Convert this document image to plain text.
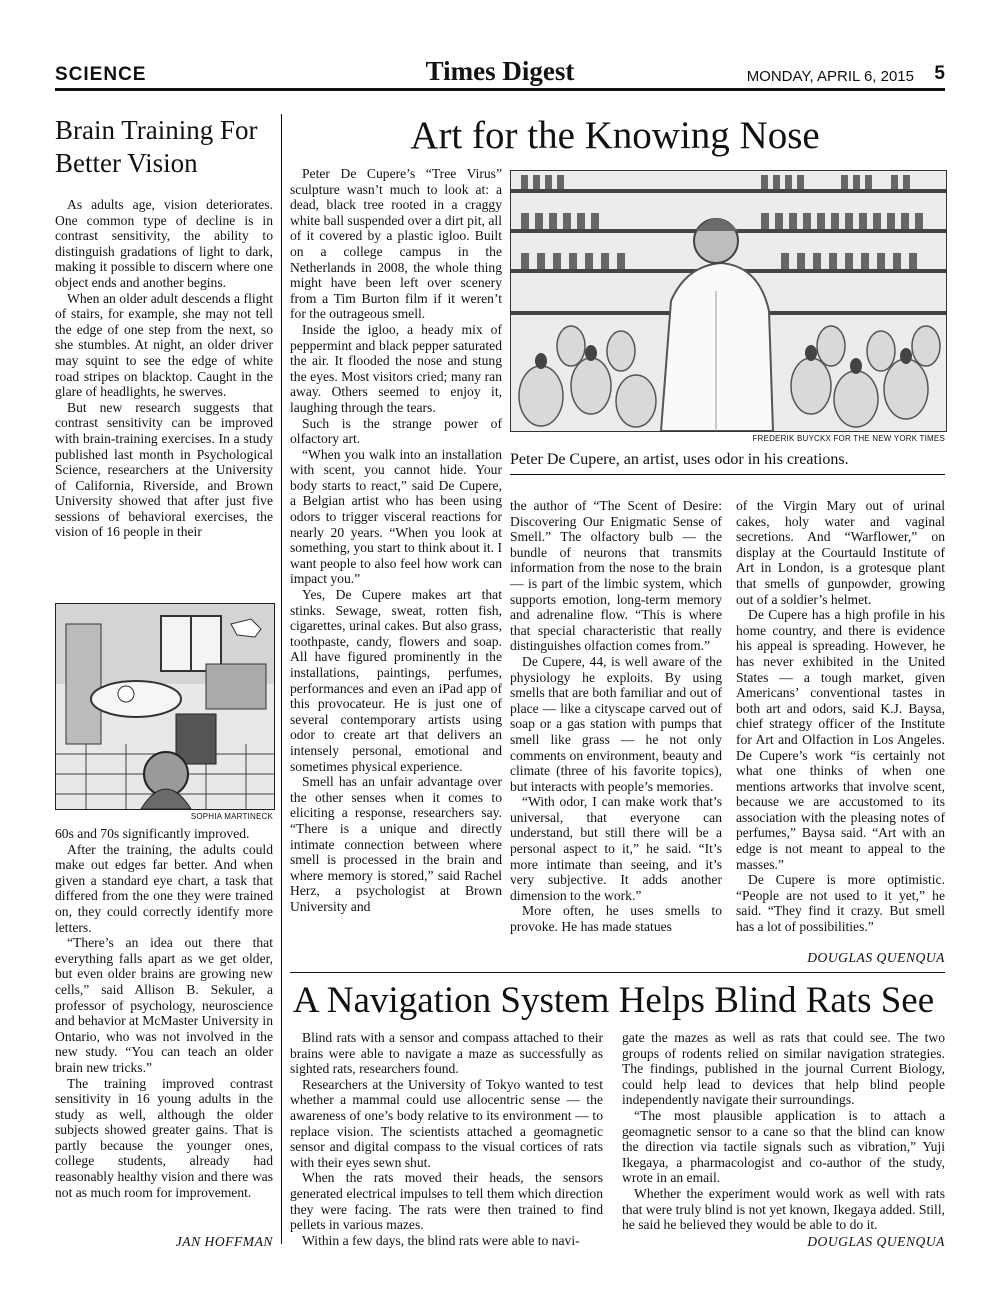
SCIENCE	Times Digest	MONDAY, APRIL 6, 2015 5
Brain Training For Better Vision

As adults age, vision deteriorates. One common type of decline is in contrast sensitivity, the ability to distinguish gradations of light to dark, making it possible to discern where one object ends and another begins.

When an older adult descends a flight of stairs, for example, she may not tell the edge of one step from the next, so she stumbles. At night, an older driver may squint to see the edge of white road stripes on blacktop. Caught in the glare of headlights, he swerves.

But new research suggests that contrast sensitivity can be improved with brain-training exercises. In a study published last month in Psychological Science, researchers at the University of California, Riverside, and Brown University showed that after just five sessions of behavioral exercises, the vision of 16 people in their

SOPHIA MARTINECK

60s and 70s significantly improved.

After the training, the adults could make out edges far better. And when given a standard eye chart, a task that differed from the one they were trained on, they could correctly identify more letters.

“There’s an idea out there that everything falls apart as we get older, but even older brains are growing new cells,” said Allison B. Sekuler, a professor of psychology, neuroscience and behavior at McMaster University in Ontario, who was not involved in the new study. “You can teach an older brain new tricks.”

The training improved contrast sensitivity in 16 young adults in the study as well, although the older subjects showed greater gains. That is partly because the younger ones, college students, already had reasonably healthy vision and there was not as much room for improvement.

JAN HOFFMAN
Art for the Knowing Nose

Peter De Cupere’s “Tree Virus” sculpture wasn’t much to look at: a dead, black tree rooted in a craggy white ball suspended over a dirt pit, all of it covered by a plastic igloo. Built on a college campus in the Netherlands in 2008, the whole thing might have been left over scenery from a Tim Burton film if it weren’t for the outrageous smell.

Inside the igloo, a heady mix of peppermint and black pepper saturated the air. It flooded the nose and stung the eyes. Most visitors cried; many ran away. Others seemed to enjoy it, laughing through the tears.

Such is the strange power of olfactory art.

“When you walk into an installation with scent, you cannot hide. Your body starts to react,” said De Cupere, a Belgian artist who has been using odors to trigger visceral reactions for nearly 20 years. “When you look at something, you start to think about it. I want people to also feel how work can impact you.”

Yes, De Cupere makes art that stinks. Sewage, sweat, rotten fish, cigarettes, urinal cakes. But also grass, toothpaste, candy, flowers and soap. All have figured prominently in the installations, paintings, perfumes, performances and even an iPad app of this provocateur. He is just one of several contemporary artists using odor to create art that delivers an intensely personal, emotional and sometimes physical experience.

Smell has an unfair advantage over the other senses when it comes to eliciting a response, researchers say. “There is a unique and directly intimate connection between where smell is processed in the brain and where memory is stored,” said Rachel Herz, a psychologist at Brown University and

FREDERIK BUYCKX FOR THE NEW YORK TIMES
Peter De Cupere, an artist, uses odor in his creations.

the author of “The Scent of Desire: Discovering Our Enigmatic Sense of Smell.” The olfactory bulb — the bundle of neurons that transmits information from the nose to the brain — is part of the limbic system, which supports emotion, long-term memory and adrenaline flow. “This is where that special characteristic that really distinguishes olfaction comes from.”

De Cupere, 44, is well aware of the physiology he exploits. By using smells that are both familiar and out of place — like a cityscape carved out of soap or a gas station with pumps that smell like grass — he not only comments on environment, beauty and climate (three of his favorite topics), but interacts with people’s memories.

“With odor, I can make work that’s universal, that everyone can understand, but still there will be a personal aspect to it,” he said. “It’s more intimate than seeing, and it’s very subjective. It adds another dimension to the work.”

More often, he uses smells to provoke. He has made statues

of the Virgin Mary out of urinal cakes, holy water and vaginal secretions. And “Warflower,” on display at the Courtauld Institute of Art in London, is a grotesque plant that smells of gunpowder, growing out of a soldier’s helmet.

De Cupere has a high profile in his home country, and there is evidence his appeal is spreading. However, he has never exhibited in the United States — a tough market, given Americans’ conventional tastes in both art and odors, said K.J. Baysa, chief strategy officer of the Institute for Art and Olfaction in Los Angeles. De Cupere’s work “is certainly not what one thinks of when one mentions artworks that involve scent, because we are accustomed to its association with the pleasing notes of perfumes,” Baysa said. “Art with an edge is not meant to appeal to the masses.”

De Cupere is more optimistic. “People are not used to it yet,” he said. “They find it crazy. But smell has a lot of possibilities.”

DOUGLAS QUENQUA
A Navigation System Helps Blind Rats See

Blind rats with a sensor and compass attached to their brains were able to navigate a maze as successfully as sighted rats, researchers found.

Researchers at the University of Tokyo wanted to test whether a mammal could use allocentric sense — the awareness of one’s body relative to its environment — to replace vision. The scientists attached a geomagnetic sensor and digital compass to the visual cortices of rats with their eyes sewn shut.

When the rats moved their heads, the sensors generated electrical impulses to tell them which direction they were facing. The rats were then trained to find pellets in various mazes.

Within a few days, the blind rats were able to navi-

gate the mazes as well as rats that could see. The two groups of rodents relied on similar navigation strategies. The findings, published in the journal Current Biology, could help lead to devices that help blind people independently navigate their surroundings.

“The most plausible application is to attach a geomagnetic sensor to a cane so that the blind can know the direction via tactile signals such as vibration,” Yuji Ikegaya, a pharmacologist and co-author of the study, wrote in an email.

Whether the experiment would work as well with rats that were truly blind is not yet known, Ikegaya added. Still, he said he believed they would be able to do it.

DOUGLAS QUENQUA
